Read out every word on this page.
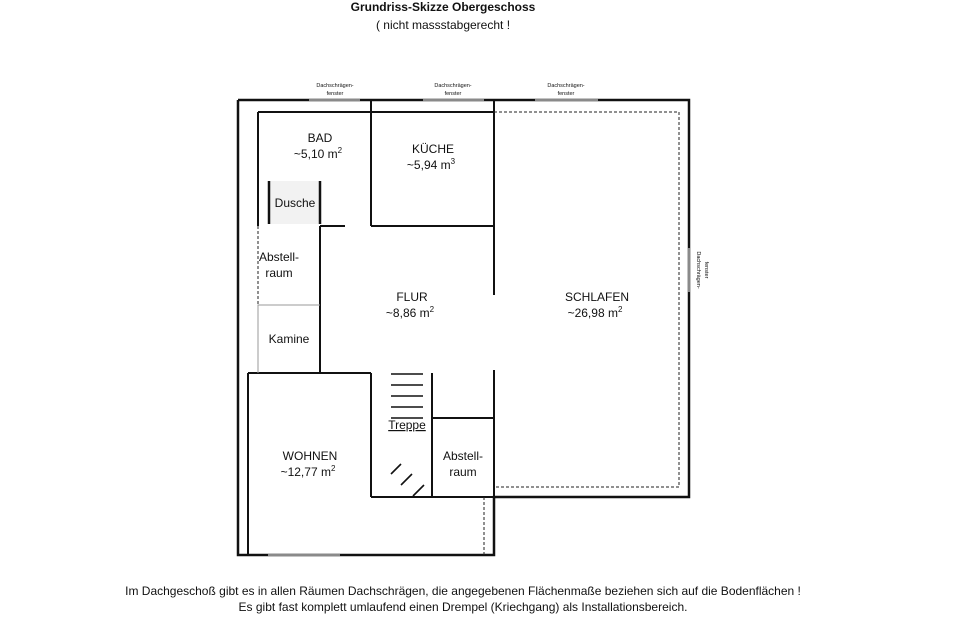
Grundriss-Skizze Obergeschoss
( nicht massstabgerecht !
Dachschrägen-
fenster
Dachschrägen-
fenster
Dachschrägen-
fenster
Dachschrägen- fenster
BAD
~5,10 $m^2$	KÜCHE
~5,94 $m^3$
Dusche
Abstell-
raum
Kamine
FLUR
~8,86 $m^2$
SCHLAFEN
~26,98 $m^2$
Treppe
Abstell-
raum
WOHNEN
~12,77 $m^2$
Im Dachgeschoß gibt es in allen Räumen Dachschrägen, die angegebenen Flächenmaße beziehen sich auf die Bodenflächen !
Es gibt fast komplett umlaufend einen Drempel (Kriechgang) als Installationsbereich.
